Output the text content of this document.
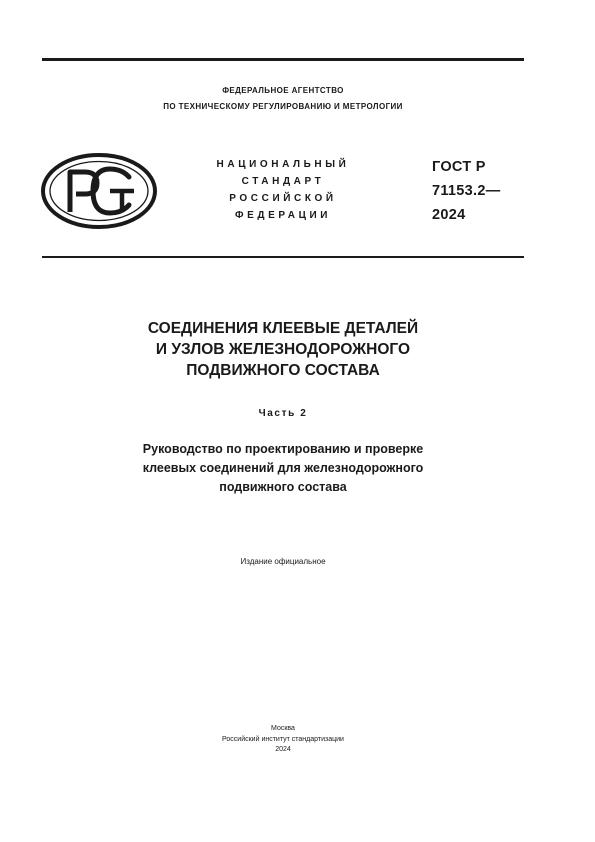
ФЕДЕРАЛЬНОЕ АГЕНТСТВО
ПО ТЕХНИЧЕСКОМУ РЕГУЛИРОВАНИЮ И МЕТРОЛОГИИ
НАЦИОНАЛЬНЫЙ
СТАНДАРТ
РОССИЙСКОЙ
ФЕДЕРАЦИИ
ГОСТ Р
71153.2—
2024
СОЕДИНЕНИЯ КЛЕЕВЫЕ ДЕТАЛЕЙ
И УЗЛОВ ЖЕЛЕЗНОДОРОЖНОГО
ПОДВИЖНОГО СОСТАВА
Часть 2
Руководство по проектированию и проверке
клеевых соединений для железнодорожного
подвижного состава
Издание официальное
Москва
Российский институт стандартизации
2024
